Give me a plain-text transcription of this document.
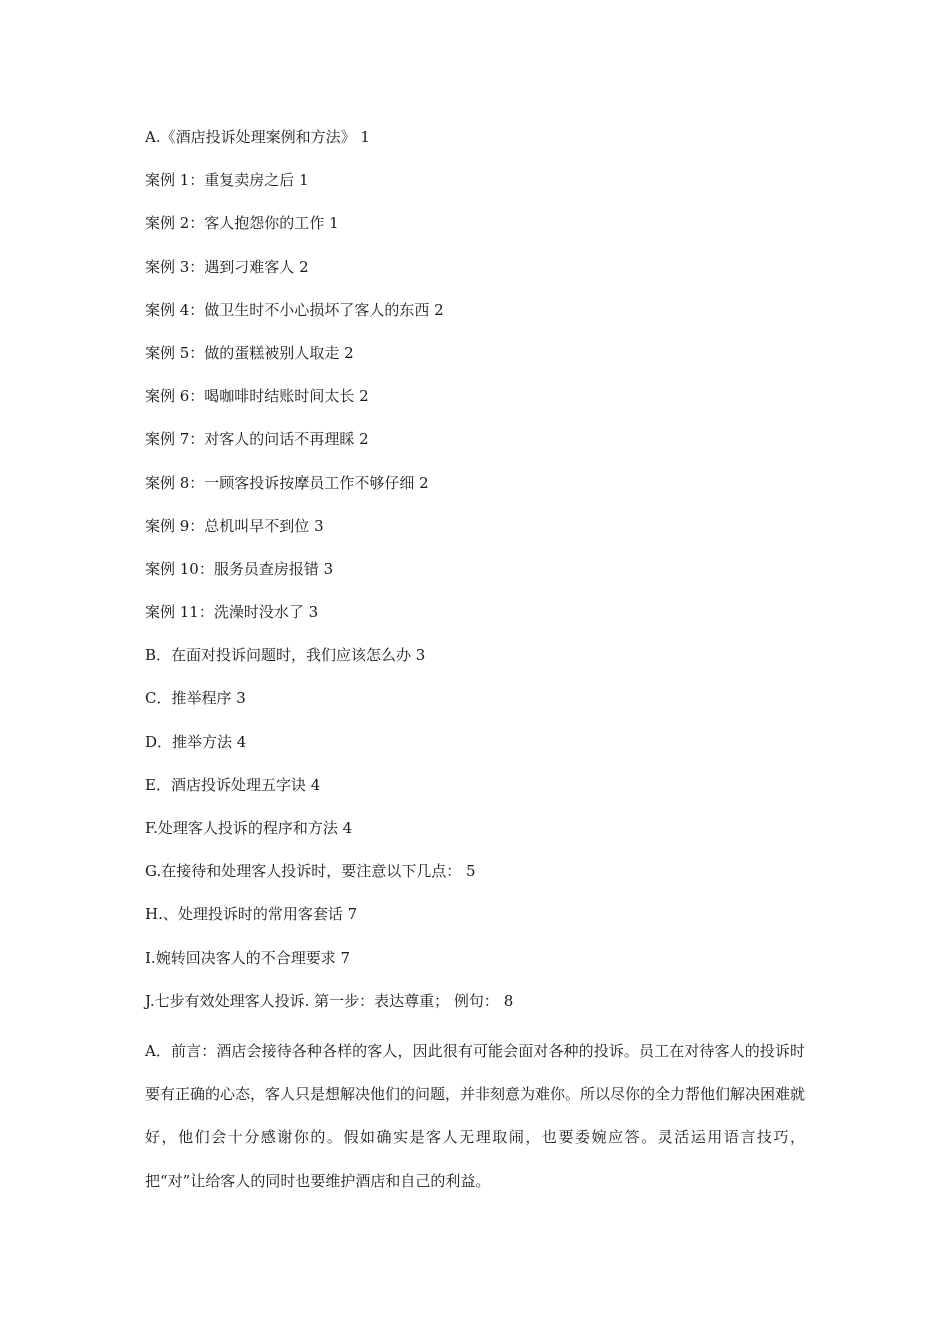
A.《酒店投诉处理案例和方法》 1
案例 1：重复卖房之后 1
案例 2：客人抱怨你的工作 1
案例 3：遇到刁难客人 2
案例 4：做卫生时不小心损坏了客人的东西 2
案例 5：做的蛋糕被别人取走 2
案例 6：喝咖啡时结账时间太长 2
案例 7：对客人的问话不再理睬 2
案例 8：一顾客投诉按摩员工作不够仔细 2
案例 9：总机叫早不到位 3
案例 10：服务员查房报错 3
案例 11：洗澡时没水了 3
B．在面对投诉问题时，我们应该怎么办 3
C．推举程序 3
D．推举方法 4
E．酒店投诉处理五字诀 4
F.处理客人投诉的程序和方法 4
G.在接待和处理客人投诉时，要注意以下几点： 5
H.、处理投诉时的常用客套话 7
I.婉转回决客人的不合理要求 7
J.七步有效处理客人投诉. 第一步：表达尊重； 例句： 8

A．前言：酒店会接待各种各样的客人，因此很有可能会面对各种的投诉。员工在对待客人的投诉时要有正确的心态，客人只是想解决他们的问题，并非刻意为难你。所以尽你的全力帮他们解决困难就好，他们会十分感谢你的。假如确实是客人无理取闹，也要委婉应答。灵活运用语言技巧，把“对”让给客人的同时也要维护酒店和自己的利益。
